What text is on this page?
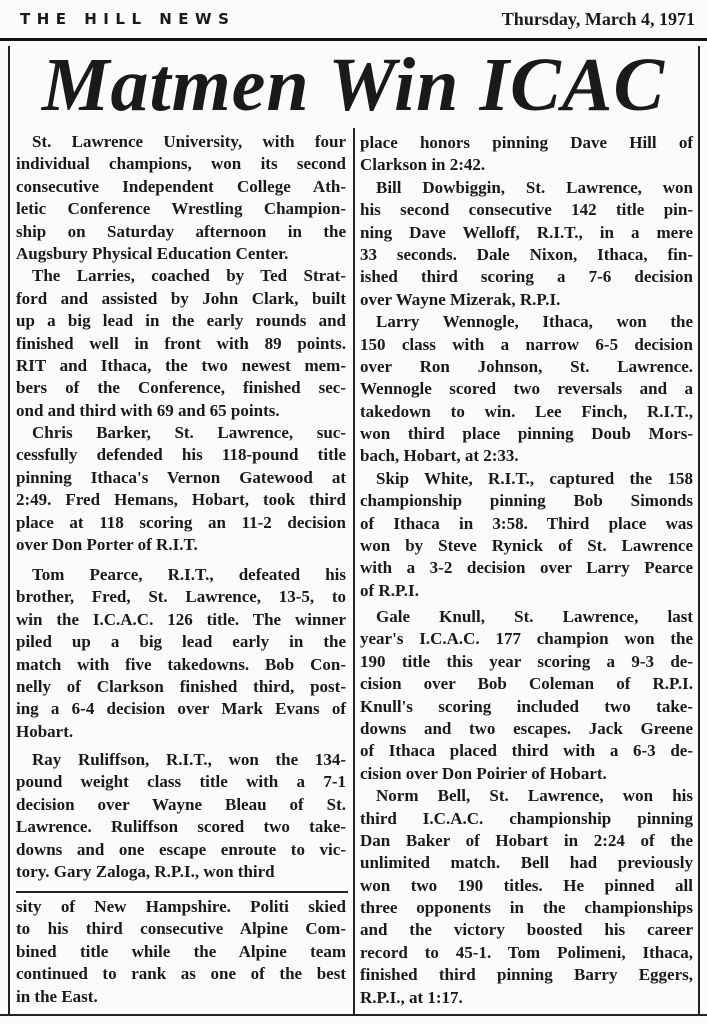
THE HILL NEWS	Thursday, March 4, 1971
Matmen Win ICAC
St. Lawrence University, with four
individual champions, won its second
consecutive Independent College Ath-
letic Conference Wrestling Champion-
ship on Saturday afternoon in the
Augsbury Physical Education Center.
The Larries, coached by Ted Strat-
ford and assisted by John Clark, built
up a big lead in the early rounds and
finished well in front with 89 points.
RIT and Ithaca, the two newest mem-
bers of the Conference, finished sec-
ond and third with 69 and 65 points.
Chris Barker, St. Lawrence, suc-
cessfully defended his 118-pound title
pinning Ithaca's Vernon Gatewood at
2:49. Fred Hemans, Hobart, took third
place at 118 scoring an 11-2 decision
over Don Porter of R.I.T.
Tom Pearce, R.I.T., defeated his
brother, Fred, St. Lawrence, 13-5, to
win the I.C.A.C. 126 title. The winner
piled up a big lead early in the
match with five takedowns. Bob Con-
nelly of Clarkson finished third, post-
ing a 6-4 decision over Mark Evans of
Hobart.
Ray Ruliffson, R.I.T., won the 134-
pound weight class title with a 7-1
decision over Wayne Bleau of St.
Lawrence. Ruliffson scored two take-
downs and one escape enroute to vic-
tory. Gary Zaloga, R.P.I., won third
sity of New Hampshire. Politi skied
to his third consecutive Alpine Com-
bined title while the Alpine team
continued to rank as one of the best
in the East.
place honors pinning Dave Hill of
Clarkson in 2:42.
Bill Dowbiggin, St. Lawrence, won
his second consecutive 142 title pin-
ning Dave Welloff, R.I.T., in a mere
33 seconds. Dale Nixon, Ithaca, fin-
ished third scoring a 7-6 decision
over Wayne Mizerak, R.P.I.
Larry Wennogle, Ithaca, won the
150 class with a narrow 6-5 decision
over Ron Johnson, St. Lawrence.
Wennogle scored two reversals and a
takedown to win. Lee Finch, R.I.T.,
won third place pinning Doub Mors-
bach, Hobart, at 2:33.
Skip White, R.I.T., captured the 158
championship pinning Bob Simonds
of Ithaca in 3:58. Third place was
won by Steve Rynick of St. Lawrence
with a 3-2 decision over Larry Pearce
of R.P.I.
Gale Knull, St. Lawrence, last
year's I.C.A.C. 177 champion won the
190 title this year scoring a 9-3 de-
cision over Bob Coleman of R.P.I.
Knull's scoring included two take-
downs and two escapes. Jack Greene
of Ithaca placed third with a 6-3 de-
cision over Don Poirier of Hobart.
Norm Bell, St. Lawrence, won his
third I.C.A.C. championship pinning
Dan Baker of Hobart in 2:24 of the
unlimited match. Bell had previously
won two 190 titles. He pinned all
three opponents in the championships
and the victory boosted his career
record to 45-1. Tom Polimeni, Ithaca,
finished third pinning Barry Eggers,
R.P.I., at 1:17.
